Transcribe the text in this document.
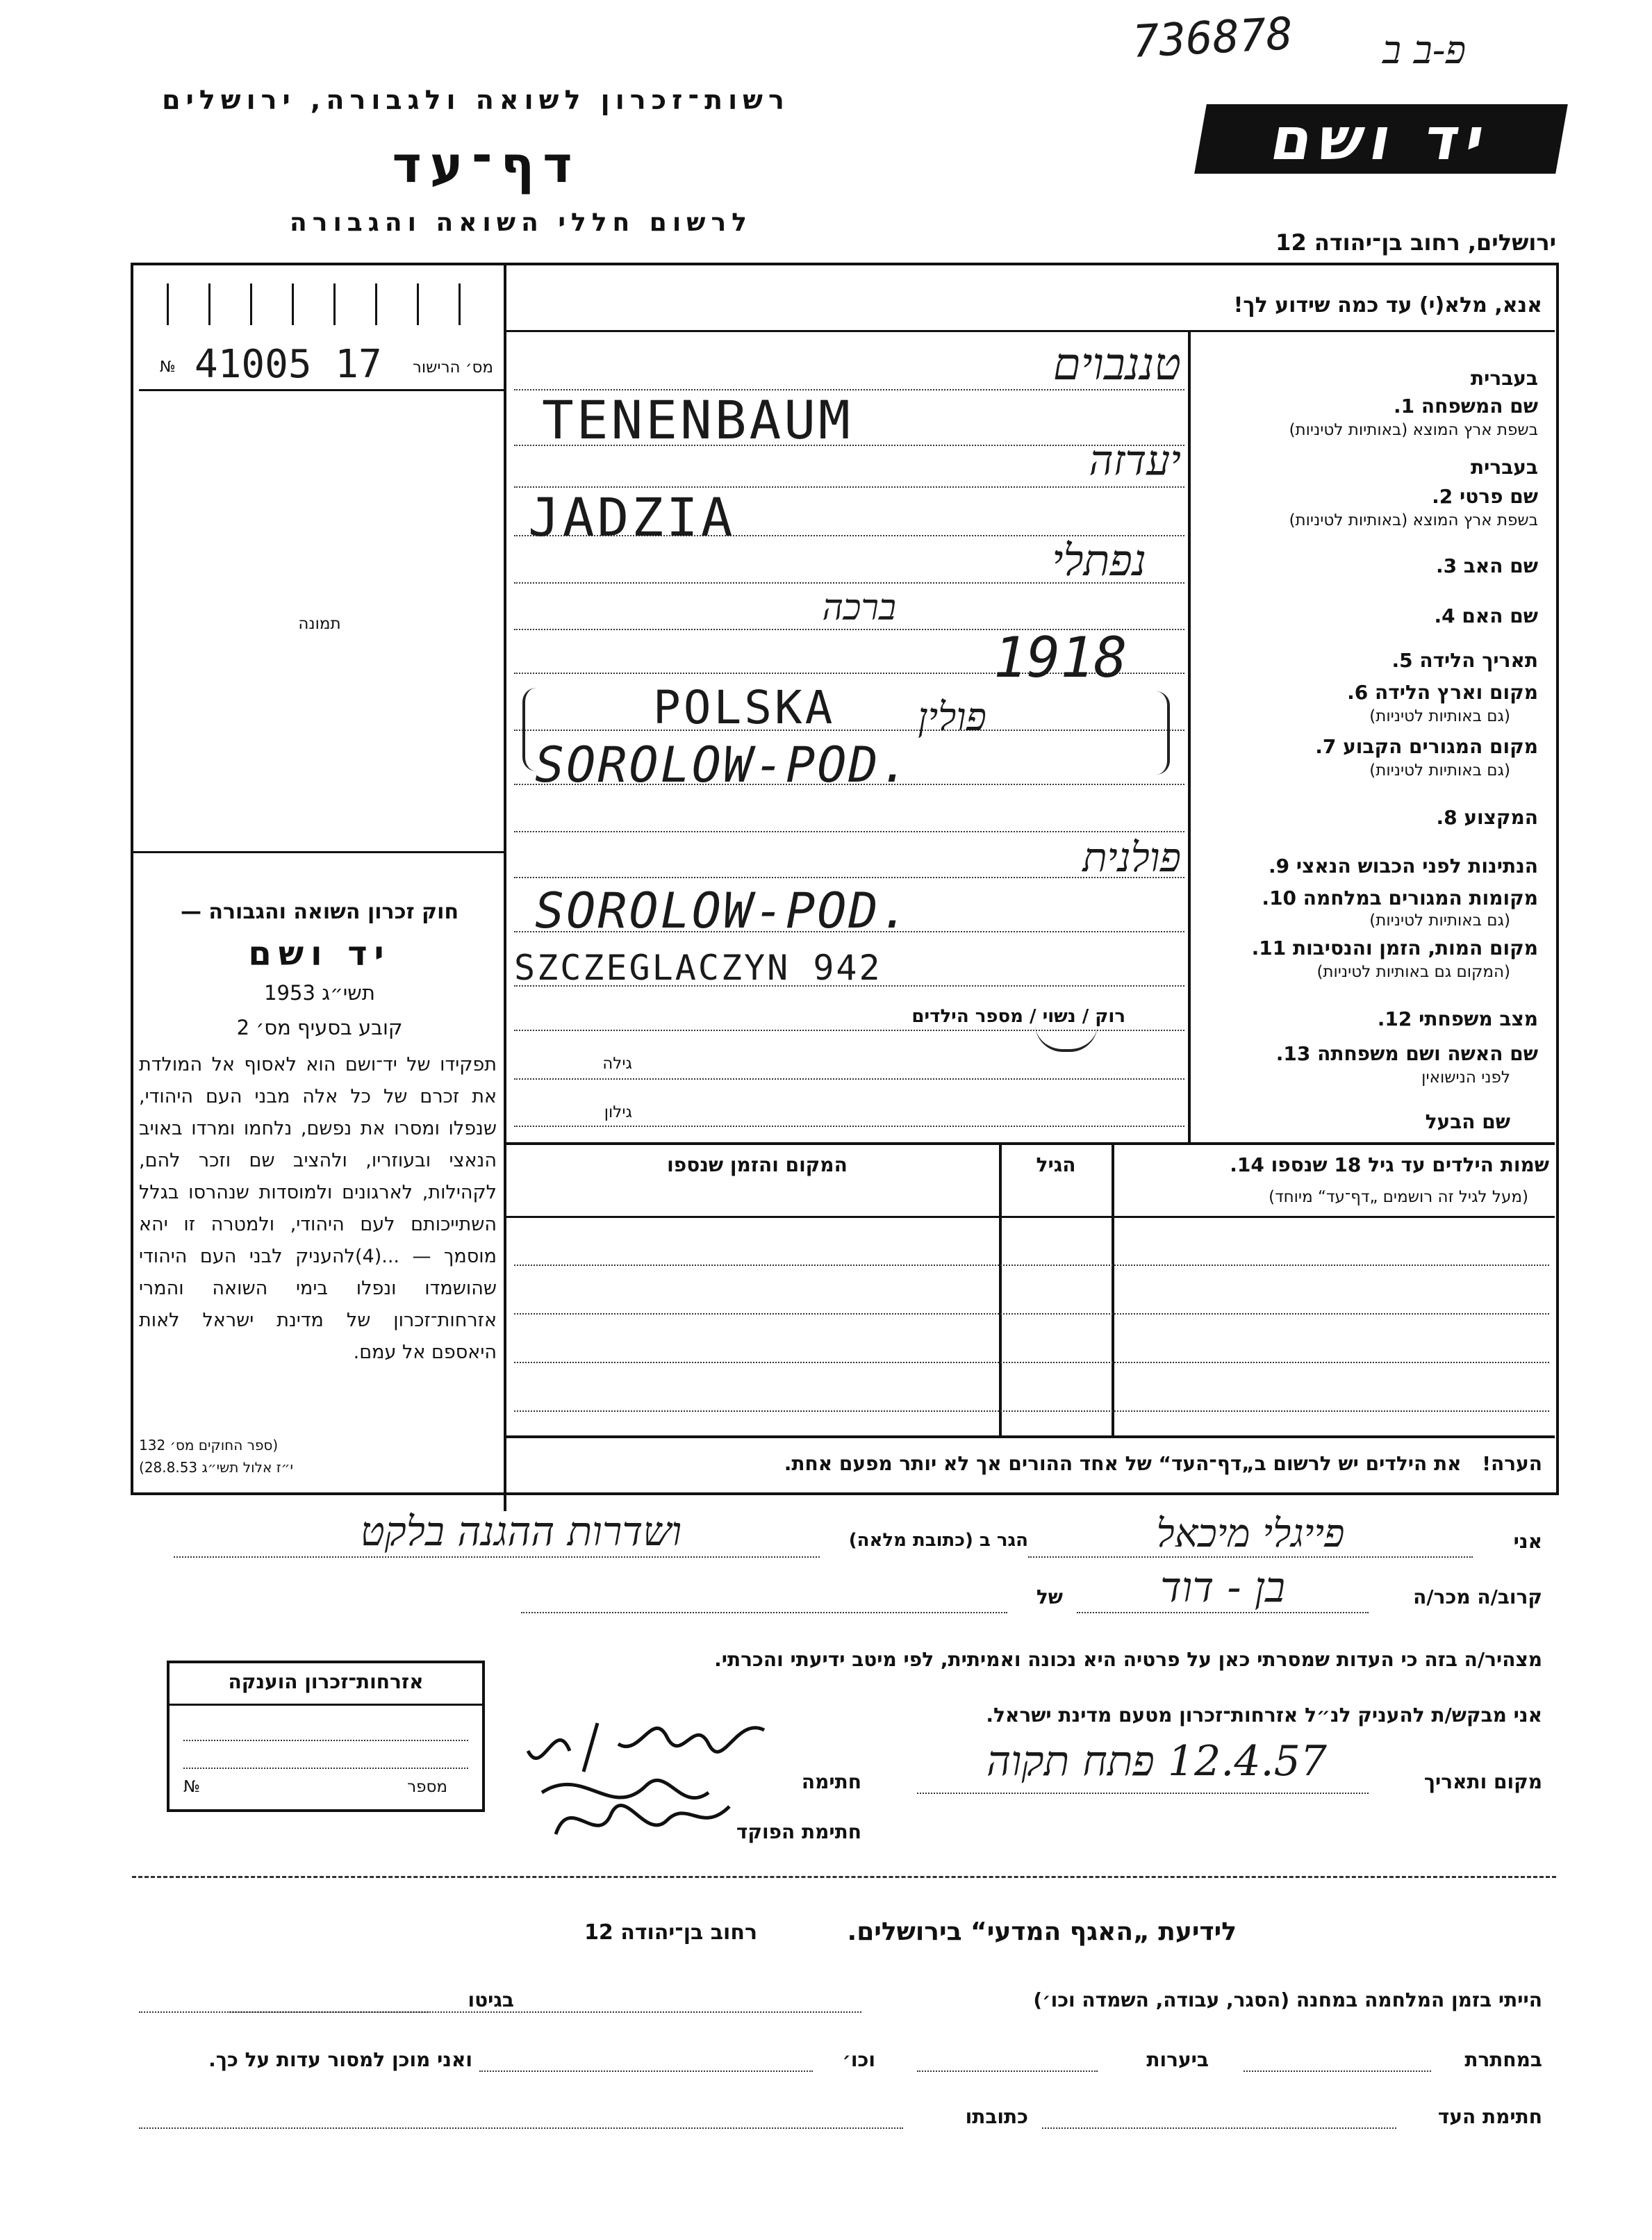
736878 פ-ב ב
רשות־זכרון לשואה ולגבורה, ירושלים
דף־עד
לרשום חללי השואה והגבורה
יד ושם
ירושלים, רחוב בן־יהודה 12
אנא, מלא(י) עד כמה שידוע לך!
№ 41005 17	מס׳ הרישור
תמונה
חוק זכרון השואה והגבורה —
יד ושם
תשי״ג 1953
קובע בסעיף מס׳ 2
תפקידו של יד־ושם הוא לאסוף אל המולדת את זכרם של כל אלה מבני העם היהודי, שנפלו ומסרו את נפשם, נלחמו ומרדו באויב הנאצי ובעוזריו, ולהציב שם וזכר להם, לקהילות, לארגונים ולמוסדות שנהרסו בגלל השתייכותם לעם היהודי, ולמטרה זו יהא מוסמך — ...(4)להעניק לבני העם היהודי שהושמדו ונפלו בימי השואה והמרי אזרחות־זכרון של מדינת ישראל לאות היאספם אל עמם.
(ספר החוקים מס׳ 132
י״ז אלול תשי״ג 28.8.53)
בעברית
שם המשפחה 1.
בשפת ארץ המוצא (באותיות לטיניות)
בעברית
שם פרטי 2.
בשפת ארץ המוצא (באותיות לטיניות)
שם האב 3.
שם האם 4.
תאריך הלידה 5.
מקום וארץ הלידה 6.
(גם באותיות לטיניות)
מקום המגורים הקבוע 7.
(גם באותיות לטיניות)
המקצוע 8.
הנתינות לפני הכבוש הנאצי 9.
מקומות המגורים במלחמה 10.
(גם באותיות לטיניות)
מקום המות, הזמן והנסיבות 11.
(המקום גם באותיות לטיניות)
מצב משפחתי 12.
שם האשה ושם משפחתה 13.
לפני הנישואין
שם הבעל
טננבוים
TENENBAUM
יעדזה
JADZIA
נפתלי
ברכה
1918
POLSKA	פולין
SOROLOW-POD.
פולנית
SOROLOW-POD.
SZCZEGLACZYN 942
רוק / נשוי / מספר הילדים
גילה
גילון
שמות הילדים עד גיל 18 שנספו 14.
(מעל לגיל זה רושמים „דף־עד“ מיוחד)
הגיל
המקום והזמן שנספו
הערה! את הילדים יש לרשום ב„דף־העד“ של אחד ההורים אך לא יותר מפעם אחת.
אני
פייגלי מיכאל
הגר ב (כתובת מלאה)
ושדרות ההגנה בלקט
קרוב/ה מכר/ה
בן - דוד
של
מצהיר/ה בזה כי העדות שמסרתי כאן על פרטיה היא נכונה ואמיתית, לפי מיטב ידיעתי והכרתי.
אני מבקש/ת להעניק לנ״ל אזרחות־זכרון מטעם מדינת ישראל.
מקום ותאריך
12.4.57 פתח תקוה
חתימה
חתימת הפוקד
אזרחות־זכרון הוענקה
מספר
№
לידיעת „האגף המדעי“ בירושלים.
רחוב בן־יהודה 12
הייתי בזמן המלחמה במחנה (הסגר, עבודה, השמדה וכו׳)
בגיטו
במחתרת
ביערות
וכו׳
ואני מוכן למסור עדות על כך.
חתימת העד
כתובתו
